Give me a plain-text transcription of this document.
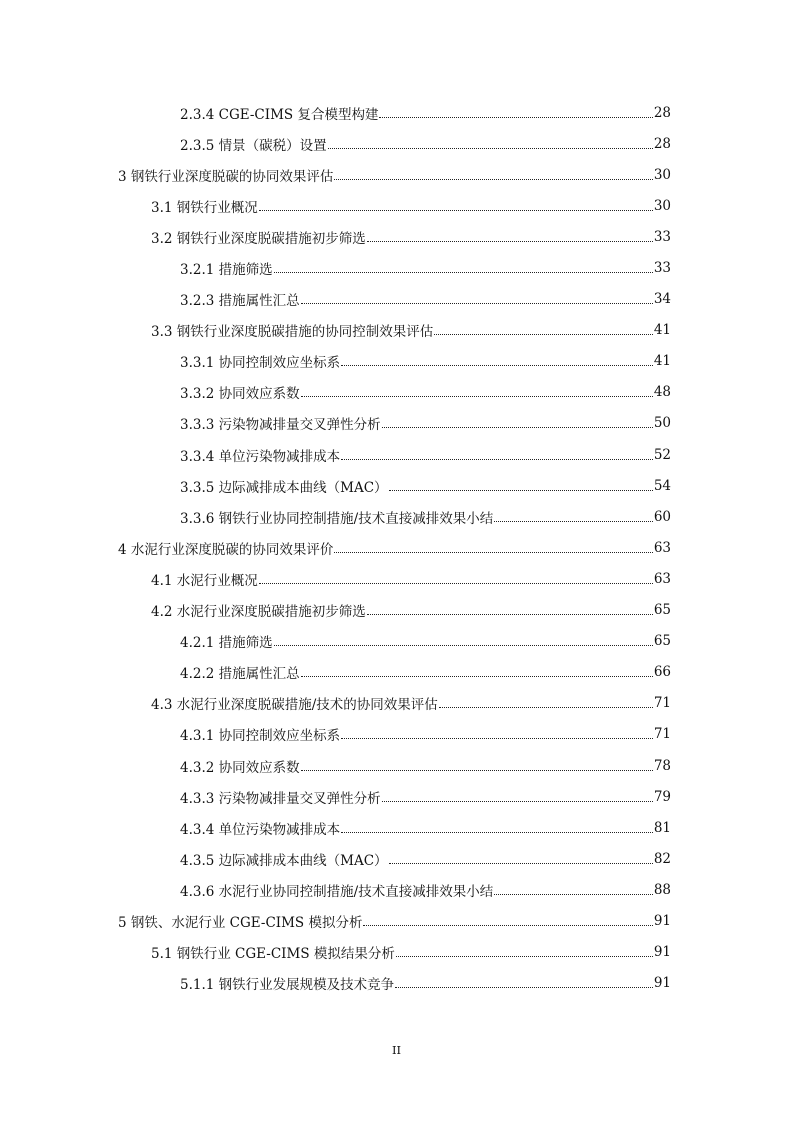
2.3.4 CGE-CIMS 复合模型构建	28
2.3.5 情景（碳税）设置	28
3 钢铁行业深度脱碳的协同效果评估	30
3.1 钢铁行业概况	30
3.2 钢铁行业深度脱碳措施初步筛选	33
3.2.1 措施筛选	33
3.2.3 措施属性汇总	34
3.3 钢铁行业深度脱碳措施的协同控制效果评估	41
3.3.1 协同控制效应坐标系	41
3.3.2 协同效应系数	48
3.3.3 污染物减排量交叉弹性分析	50
3.3.4 单位污染物减排成本	52
3.3.5 边际减排成本曲线（MAC）	54
3.3.6 钢铁行业协同控制措施/技术直接减排效果小结	60
4 水泥行业深度脱碳的协同效果评价	63
4.1 水泥行业概况	63
4.2 水泥行业深度脱碳措施初步筛选	65
4.2.1 措施筛选	65
4.2.2 措施属性汇总	66
4.3 水泥行业深度脱碳措施/技术的协同效果评估	71
4.3.1 协同控制效应坐标系	71
4.3.2 协同效应系数	78
4.3.3 污染物减排量交叉弹性分析	79
4.3.4 单位污染物减排成本	81
4.3.5 边际减排成本曲线（MAC）	82
4.3.6 水泥行业协同控制措施/技术直接减排效果小结	88
5 钢铁、水泥行业 CGE-CIMS 模拟分析	91
5.1 钢铁行业 CGE-CIMS 模拟结果分析	91
5.1.1 钢铁行业发展规模及技术竞争	91
II
